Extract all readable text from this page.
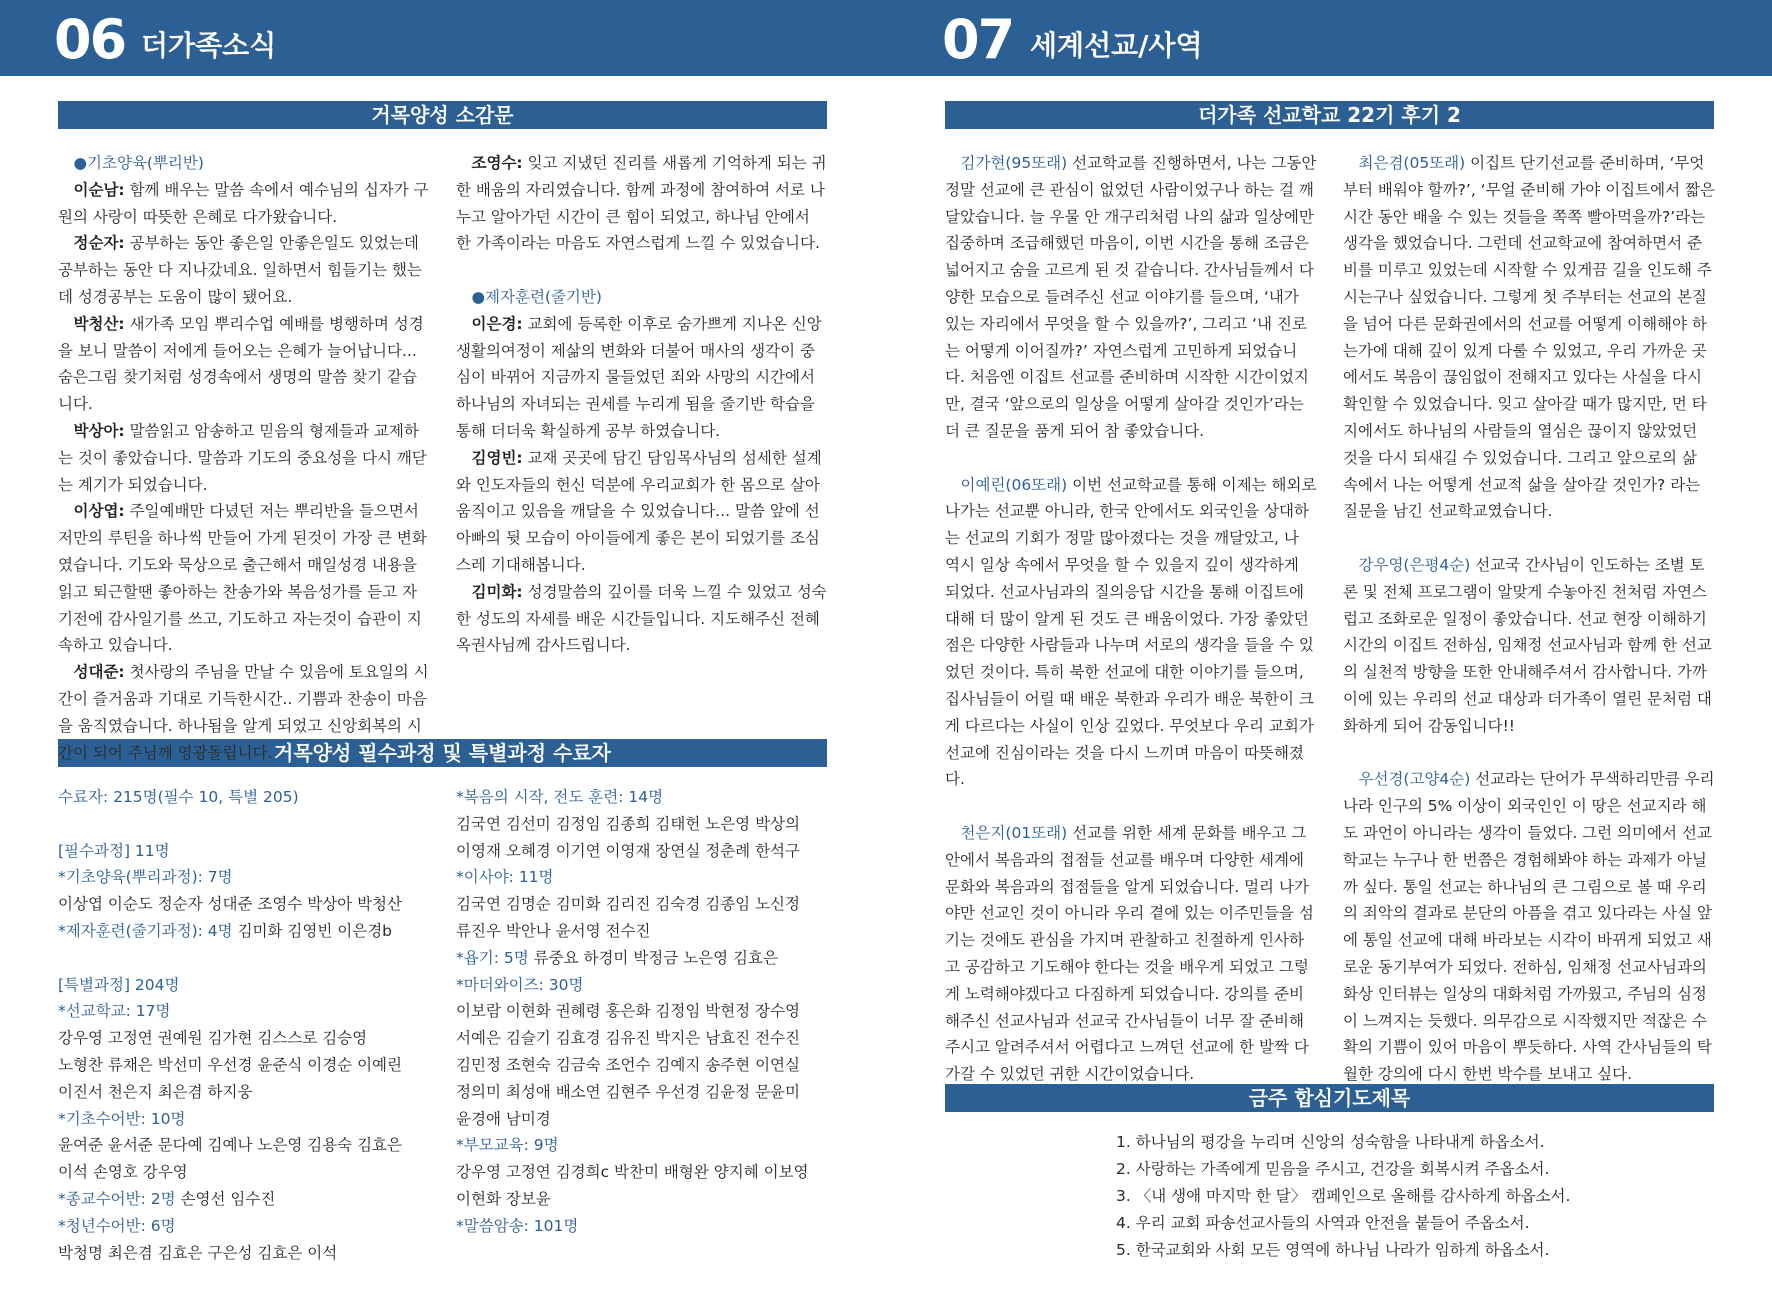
06 더가족소식	07 세계선교/사역
거목양성 소감문
거목양성 필수과정 및 특별과정 수료자
더가족 선교학교 22기 후기 2
금주 합심기도제목
●기초양육(뿌리반)

이순남: 함께 배우는 말씀 속에서 예수님의 십자가 구원의 사랑이 따뜻한 은혜로 다가왔습니다.

정순자: 공부하는 동안 좋은일 안좋은일도 있었는데 공부하는 동안 다 지나갔네요. 일하면서 힘들기는 했는데 성경공부는 도움이 많이 됐어요.

박청산: 새가족 모임 뿌리수업 예배를 병행하며 성경을 보니 말씀이 저에게 들어오는 은혜가 늘어납니다... 숨은그림 찾기처럼 성경속에서 생명의 말씀 찾기 같습니다.

박상아: 말씀읽고 암송하고 믿음의 형제들과 교제하는 것이 좋았습니다. 말씀과 기도의 중요성을 다시 깨닫는 계기가 되었습니다.

이상엽: 주일예배만 다녔던 저는 뿌리반을 들으면서 저만의 루틴을 하나씩 만들어 가게 된것이 가장 큰 변화였습니다. 기도와 묵상으로 출근해서 매일성경 내용을 읽고 퇴근할땐 좋아하는 찬송가와 복음성가를 듣고 자기전에 감사일기를 쓰고, 기도하고 자는것이 습관이 지속하고 있습니다.

성대준: 첫사랑의 주님을 만날 수 있음에 토요일의 시간이 즐거움과 기대로 기득한시간.. 기쁨과 찬송이 마음을 움직였습니다. 하나됨을 알게 되었고 신앙회복의 시간이 되어 주님께 영광돌립니다.

조영수: 잊고 지냈던 진리를 새롭게 기억하게 되는 귀한 배움의 자리였습니다. 함께 과정에 참여하여 서로 나누고 알아가던 시간이 큰 힘이 되었고, 하나님 안에서 한 가족이라는 마음도 자연스럽게 느낄 수 있었습니다.

●제자훈련(줄기반)

이은경: 교회에 등록한 이후로 숨가쁘게 지나온 신앙생활의여정이 제삶의 변화와 더불어 매사의 생각이 중심이 바뀌어 지금까지 물들었던 죄와 사망의 시간에서 하나님의 자녀되는 권세를 누리게 됨을 줄기반 학습을 통해 더더욱 확실하게 공부 하였습니다.

김영빈: 교재 곳곳에 담긴 담임목사님의 섬세한 설계와 인도자들의 헌신 덕분에 우리교회가 한 몸으로 살아 움직이고 있음을 깨달을 수 있었습니다... 말씀 앞에 선 아빠의 뒷 모습이 아이들에게 좋은 본이 되었기를 조심스레 기대해봅니다.

김미화: 성경말씀의 깊이를 더욱 느낄 수 있었고 성숙한 성도의 자세를 배운 시간들입니다. 지도해주신 전혜옥권사님께 감사드립니다.

수료자: 215명(필수 10, 특별 205)
[필수과정] 11명
*기초양육(뿌리과정): 7명
이상엽 이순도 정순자 성대준 조영수 박상아 박청산
*제자훈련(줄기과정): 4명 김미화 김영빈 이은경b
[특별과정] 204명
*선교학교: 17명
강우영 고정연 권예원 김가현 김스스로 김승영
노형찬 류채은 박선미 우선경 윤준식 이경순 이예린
이진서 천은지 최은겸 하지웅
*기초수어반: 10명
윤여준 윤서준 문다예 김예나 노은영 김용숙 김효은
이석 손영호 강우영
*종교수어반: 2명 손영선 임수진
*청년수어반: 6명
박청명 최은겸 김효은 구은성 김효은 이석
*복음의 시작, 전도 훈련: 14명
김국연 김선미 김정임 김종희 김태헌 노은영 박상의
이영재 오혜경 이기연 이영재 장연실 정춘례 한석구
*이사야: 11명
김국연 김명순 김미화 김리진 김숙경 김종임 노신정
류진우 박안나 윤서영 전수진
*욥기: 5명 류중요 하경미 박정금 노은영 김효은
*마더와이즈: 30명
이보람 이현화 권혜령 홍은화 김정임 박현정 장수영
서예은 김슬기 김효경 김유진 박지은 남효진 전수진
김민정 조현숙 김금숙 조언수 김예지 송주현 이연실
정의미 최성애 배소연 김현주 우선경 김윤정 문윤미
윤경애 남미경
*부모교육: 9명
강우영 고정연 김경희c 박찬미 배형완 양지혜 이보영
이현화 장보윤
*말씀암송: 101명

김가현(95또래) 선교학교를 진행하면서, 나는 그동안 정말 선교에 큰 관심이 없었던 사람이었구나 하는 걸 깨달았습니다. 늘 우물 안 개구리처럼 나의 삶과 일상에만 집중하며 조급해했던 마음이, 이번 시간을 통해 조금은 넓어지고 숨을 고르게 된 것 같습니다. 간사님들께서 다양한 모습으로 들려주신 선교 이야기를 들으며, ‘내가 있는 자리에서 무엇을 할 수 있을까?’, 그리고 ‘내 진로는 어떻게 이어질까?’ 자연스럽게 고민하게 되었습니다. 처음엔 이집트 선교를 준비하며 시작한 시간이었지만, 결국 ‘앞으로의 일상을 어떻게 살아갈 것인가’라는 더 큰 질문을 품게 되어 참 좋았습니다.

이예린(06또래) 이번 선교학교를 통해 이제는 해외로 나가는 선교뿐 아니라, 한국 안에서도 외국인을 상대하는 선교의 기회가 정말 많아졌다는 것을 깨달았고, 나 역시 일상 속에서 무엇을 할 수 있을지 깊이 생각하게 되었다. 선교사님과의 질의응답 시간을 통해 이집트에 대해 더 많이 알게 된 것도 큰 배움이었다. 가장 좋았던 점은 다양한 사람들과 나누며 서로의 생각을 들을 수 있었던 것이다. 특히 북한 선교에 대한 이야기를 들으며, 집사님들이 어릴 때 배운 북한과 우리가 배운 북한이 크게 다르다는 사실이 인상 깊었다. 무엇보다 우리 교회가 선교에 진심이라는 것을 다시 느끼며 마음이 따뜻해졌다.

천은지(01또래) 선교를 위한 세계 문화를 배우고 그 안에서 복음과의 접점들 선교를 배우며 다양한 세계에 문화와 복음과의 접점들을 알게 되었습니다. 멀리 나가야만 선교인 것이 아니라 우리 곁에 있는 이주민들을 섬기는 것에도 관심을 가지며 관찰하고 친절하게 인사하고 공감하고 기도해야 한다는 것을 배우게 되었고 그렇게 노력해야겠다고 다짐하게 되었습니다. 강의를 준비해주신 선교사님과 선교국 간사님들이 너무 잘 준비해 주시고 알려주셔서 어렵다고 느껴던 선교에 한 발짝 다가갈 수 있었던 귀한 시간이었습니다.

최은겸(05또래) 이집트 단기선교를 준비하며, ‘무엇부터 배워야 할까?’, ‘무얼 준비해 가야 이집트에서 짧은 시간 동안 배울 수 있는 것들을 쪽쪽 빨아먹을까?’라는 생각을 했었습니다. 그런데 선교학교에 참여하면서 준비를 미루고 있었는데 시작할 수 있게끔 길을 인도해 주시는구나 싶었습니다. 그렇게 첫 주부터는 선교의 본질을 넘어 다른 문화권에서의 선교를 어떻게 이해해야 하는가에 대해 깊이 있게 다룰 수 있었고, 우리 가까운 곳에서도 복음이 끊임없이 전해지고 있다는 사실을 다시 확인할 수 있었습니다. 잊고 살아갈 때가 많지만, 먼 타지에서도 하나님의 사람들의 열심은 끊이지 않았었던 것을 다시 되새길 수 있었습니다. 그리고 앞으로의 삶 속에서 나는 어떻게 선교적 삶을 살아갈 것인가? 라는 질문을 남긴 선교학교였습니다.

강우영(은평4순) 선교국 간사님이 인도하는 조별 토론 및 전체 프로그램이 알맞게 수놓아진 천처럼 자연스럽고 조화로운 일정이 좋았습니다. 선교 현장 이해하기 시간의 이집트 전하심, 임채정 선교사님과 함께 한 선교의 실천적 방향을 또한 안내해주셔서 감사합니다. 가까이에 있는 우리의 선교 대상과 더가족이 열린 문처럼 대화하게 되어 감동입니다!!

우선경(고양4순) 선교라는 단어가 무색하리만큼 우리나라 인구의 5% 이상이 외국인인 이 땅은 선교지라 해도 과언이 아니라는 생각이 들었다. 그런 의미에서 선교학교는 누구나 한 번쯤은 경험해봐야 하는 과제가 아닐까 싶다. 통일 선교는 하나님의 큰 그림으로 볼 때 우리의 죄악의 결과로 분단의 아픔을 겪고 있다라는 사실 앞에 통일 선교에 대해 바라보는 시각이 바뀌게 되었고 새로운 동기부여가 되었다. 전하심, 임채정 선교사님과의 화상 인터뷰는 일상의 대화처럼 가까웠고, 주님의 심정이 느껴지는 듯했다. 의무감으로 시작했지만 적잖은 수확의 기쁨이 있어 마음이 뿌듯하다. 사역 간사님들의 탁월한 강의에 다시 한번 박수를 보내고 싶다.

1. 하나님의 평강을 누리며 신앙의 성숙함을 나타내게 하옵소서.
2. 사랑하는 가족에게 믿음을 주시고, 건강을 회복시켜 주옵소서.
3. 〈내 생애 마지막 한 달〉 캠페인으로 올해를 감사하게 하옵소서.
4. 우리 교회 파송선교사들의 사역과 안전을 붙들어 주옵소서.
5. 한국교회와 사회 모든 영역에 하나님 나라가 임하게 하옵소서.
